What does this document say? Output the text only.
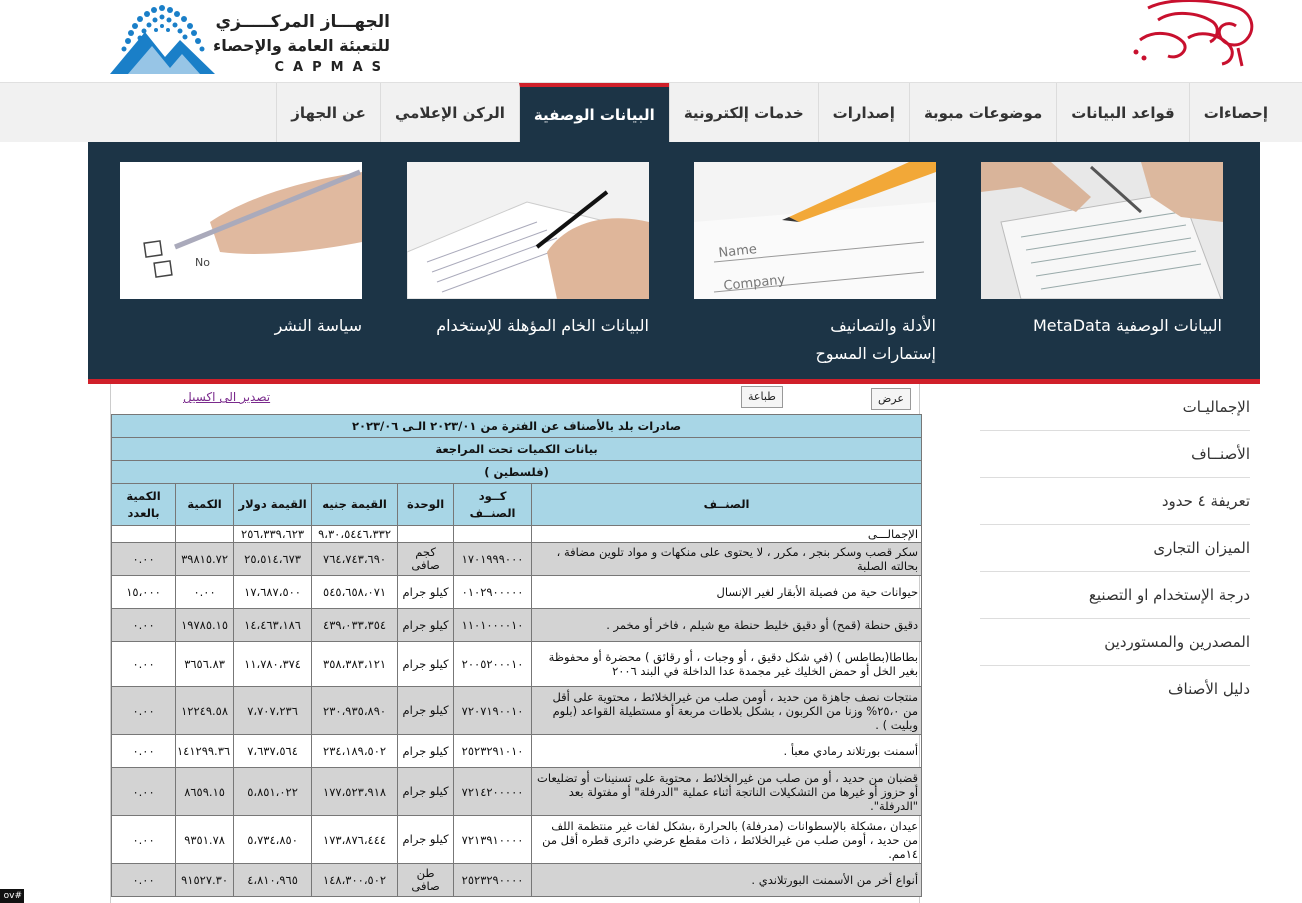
الجهـــاز المركـــــزي
للتعبئة العامة والإحصاء
CAPMAS
إحصاءات
قواعد البيانات
موضوعات مبوبة
إصدارات
خدمات إلكترونية
البيانات الوصفية
الركن الإعلامي
عن الجهاز
البيانات الوصفية MetaData
Name
Company
الأدلة والتصانيف
إستمارات المسوح
البيانات الخام المؤهلة للإستخدام
No
سياسة النشر
الإجماليـات
الأصنــاف
تعريفة ٤ حدود
الميزان التجارى
درجة الإستخدام او التصنيع
المصدرين والمستوردين
دليل الأصناف
عرض
طباعة
تصدير الى اكسيل
صادرات بلد بالأصناف عن الفترة من ٢٠٢٣/٠١ الـى ٢٠٢٣/٠٦						
بيانات الكميات تحت المراجعة						
(فلسطين )						
الصنــف	كــود الصنــف	الوحدة	القيمة جنيه	القيمة دولار	الكمية	الكمية بالعدد
الإجمالـــى			٩،٣٠،٥٤٤٦،٣٣٢	٢٥٦،٣٣٩،٦٢٣		
سكر قصب وسكر بنجر ، مكرر ، لا يحتوى على منكهات و مواد تلوين مضافة ، بحالته الصلبة	١٧٠١٩٩٩٠٠٠	كجم صافى	٧٦٤،٧٤٣،٦٩٠	٢٥،٥١٤،٦٧٣	٣٩٨١٥.٧٢	٠.٠٠
حيوانات حية من فصيلة الأبقار لغير الإنسال	٠١٠٢٩٠٠٠٠٠	كيلو جرام	٥٤٥،٦٥٨،٠٧١	١٧،٦٨٧،٥٠٠	٠.٠٠	١٥،٠٠٠
دقيق حنطة (قمح) أو دقيق خليط حنطة مع شيلم ، فاخر أو مخمر .	١١٠١٠٠٠٠١٠	كيلو جرام	٤٣٩،٠٣٣،٣٥٤	١٤،٤٦٣،١٨٦	١٩٧٨٥.١٥	٠.٠٠
بطاطا(بطاطس ) (في شكل دقيق ، أو وجبات ، أو رقائق ) محضرة أو محفوظة بغير الخل أو حمض الخليك غير مجمدة عدا الداخلة في البند ٢٠٠٦	٢٠٠٥٢٠٠٠١٠	كيلو جرام	٣٥٨،٣٨٣،١٢١	١١،٧٨٠،٣٧٤	٣٦٥٦.٨٣	٠.٠٠
منتجات نصف جاهزة من حديد ، أومن صلب من غيرالخلائط ، محتوية على أقل من ٢٥،٠% وزنا من الكربون ، بشكل بلاطات مربعة أو مستطيلة القواعد (بلوم وبليت ) .	٧٢٠٧١٩٠٠١٠	كيلو جرام	٢٣٠،٩٣٥،٨٩٠	٧،٧٠٧،٢٣٦	١٢٢٤٩.٥٨	٠.٠٠
أسمنت بورتلاند رمادي معبأ .	٢٥٢٣٢٩١٠١٠	كيلو جرام	٢٣٤،١٨٩،٥٠٢	٧،٦٣٧،٥٦٤	١٤١٢٩٩.٣٦	٠.٠٠
قضبان من حديد ، أو من صلب من غيرالخلائط ، محتوية على تسنينات أو تضليعات أو حزوز أو غيرها من التشكيلات الناتجة أثناء عملية "الدرفلة" أو مفتولة بعد "الدرفلة".	٧٢١٤٢٠٠٠٠٠	كيلو جرام	١٧٧،٥٢٣،٩١٨	٥،٨٥١،٠٢٢	٨٦٥٩.١٥	٠.٠٠
عيدان ،مشكلة بالإسطوانات (مدرفلة) بالحرارة ،بشكل لفات غير منتظمة اللف من حديد ، أومن صلب من غيرالخلائط ، ذات مقطع عرضي دائرى قطره أقل من ١٤مم.	٧٢١٣٩١٠٠٠٠	كيلو جرام	١٧٣،٨٧٦،٤٤٤	٥،٧٣٤،٨٥٠	٩٣٥١.٧٨	٠.٠٠
أنواع أخر من الأسمنت البورتلاندي .	٢٥٢٣٢٩٠٠٠٠	طن صافى	١٤٨،٣٠٠،٥٠٢	٤،٨١٠،٩٦٥	٩١٥٢٧.٣٠	٠.٠٠
ov#
